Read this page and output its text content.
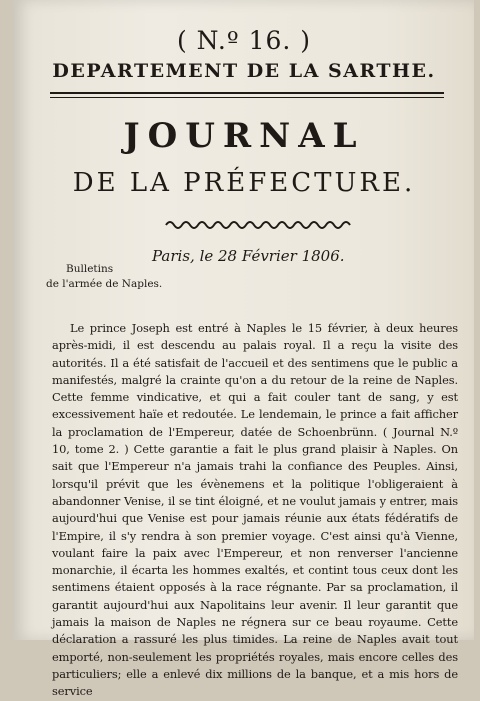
( N.º 16. )
DEPARTEMENT DE LA SARTHE.
JOURNAL
DE LA PRÉFECTURE.
Paris, le 28 Février 1806.
Bulletins
de l'armée de Naples.

Le prince Joseph est entré à Naples le 15 février, à deux heures après-midi, il est descendu au palais royal. Il a reçu la visite des autorités. Il a été satisfait de l'accueil et des sentimens que le public a manifestés, malgré la crainte qu'on a du retour de la reine de Naples. Cette femme vindicative, et qui a fait couler tant de sang, y est excessivement haïe et redoutée. Le lendemain, le prince a fait afficher la proclamation de l'Empereur, datée de Schoenbrünn. ( Journal N.º 10, tome 2. ) Cette garantie a fait le plus grand plaisir à Naples. On sait que l'Empereur n'a jamais trahi la confiance des Peuples. Ainsi, lorsqu'il prévit que les évènemens et la politique l'obligeraient à abandonner Venise, il se tint éloigné, et ne voulut jamais y entrer, mais aujourd'hui que Venise est pour jamais réunie aux états fédératifs de l'Empire, il s'y rendra à son premier voyage. C'est ainsi qu'à Vienne, voulant faire la paix avec l'Empereur, et non renverser l'ancienne monarchie, il écarta les hommes exaltés, et contint tous ceux dont les sentimens étaient opposés à la race régnante. Par sa proclamation, il garantit aujourd'hui aux Napolitains leur avenir. Il leur garantit que jamais la maison de Naples ne régnera sur ce beau royaume. Cette déclaration a rassuré les plus timides. La reine de Naples avait tout emporté, non-seulement les propriétés royales, mais encore celles des particuliers; elle a enlevé dix millions de la banque, et a mis hors de service
